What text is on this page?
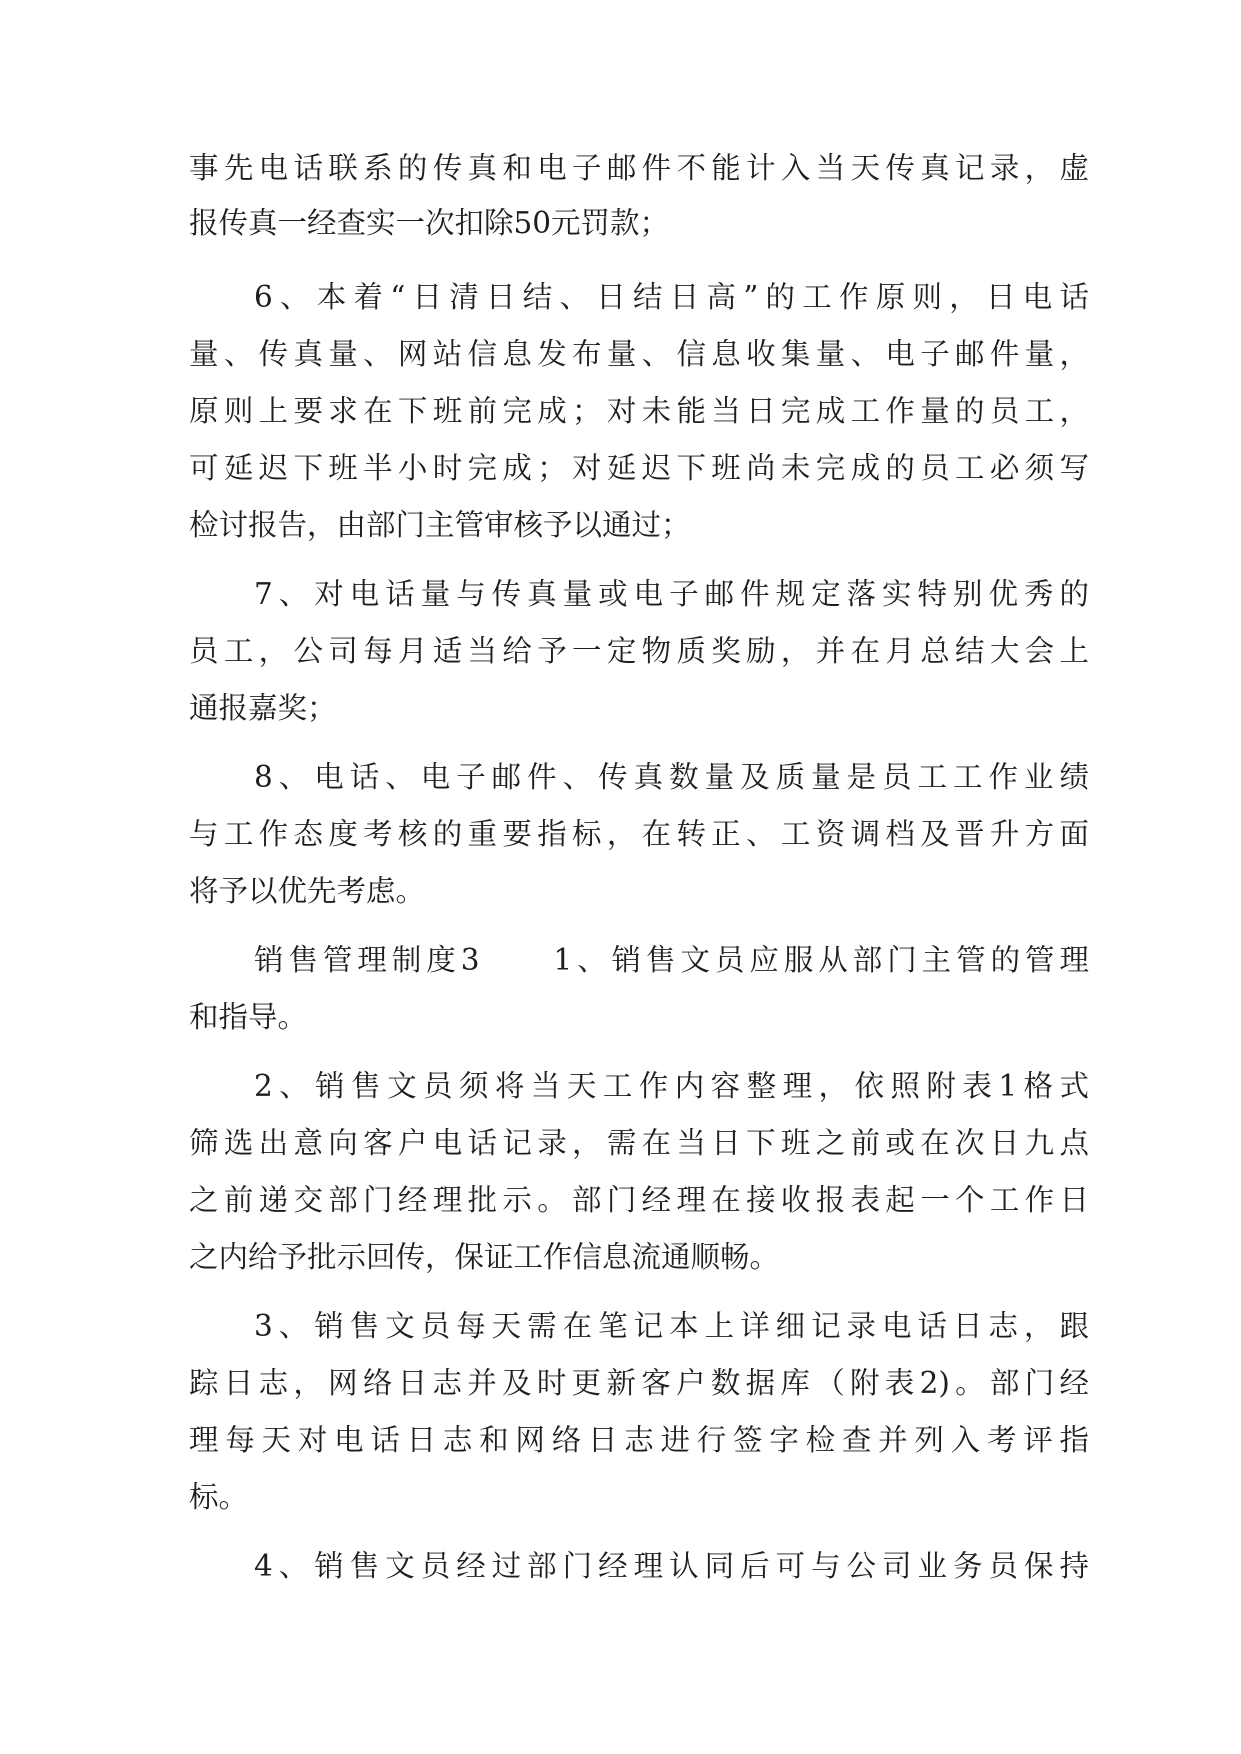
事先电话联系的传真和电子邮件不能计入当天传真记录，虚

报传真一经查实一次扣除50元罚款；

6、本着“日清日结、日结日高”的工作原则，日电话

量、传真量、网站信息发布量、信息收集量、电子邮件量，

原则上要求在下班前完成；对未能当日完成工作量的员工，

可延迟下班半小时完成；对延迟下班尚未完成的员工必须写

检讨报告，由部门主管审核予以通过；

7、对电话量与传真量或电子邮件规定落实特别优秀的

员工，公司每月适当给予一定物质奖励，并在月总结大会上

通报嘉奖；

8、电话、电子邮件、传真数量及质量是员工工作业绩

与工作态度考核的重要指标，在转正、工资调档及晋升方面

将予以优先考虑。

销售管理制度3　　1、销售文员应服从部门主管的管理

和指导。

2、销售文员须将当天工作内容整理，依照附表1格式

筛选出意向客户电话记录，需在当日下班之前或在次日九点

之前递交部门经理批示。部门经理在接收报表起一个工作日

之内给予批示回传，保证工作信息流通顺畅。

3、销售文员每天需在笔记本上详细记录电话日志，跟

踪日志，网络日志并及时更新客户数据库（附表2)。部门经

理每天对电话日志和网络日志进行签字检查并列入考评指

标。

4、销售文员经过部门经理认同后可与公司业务员保持
